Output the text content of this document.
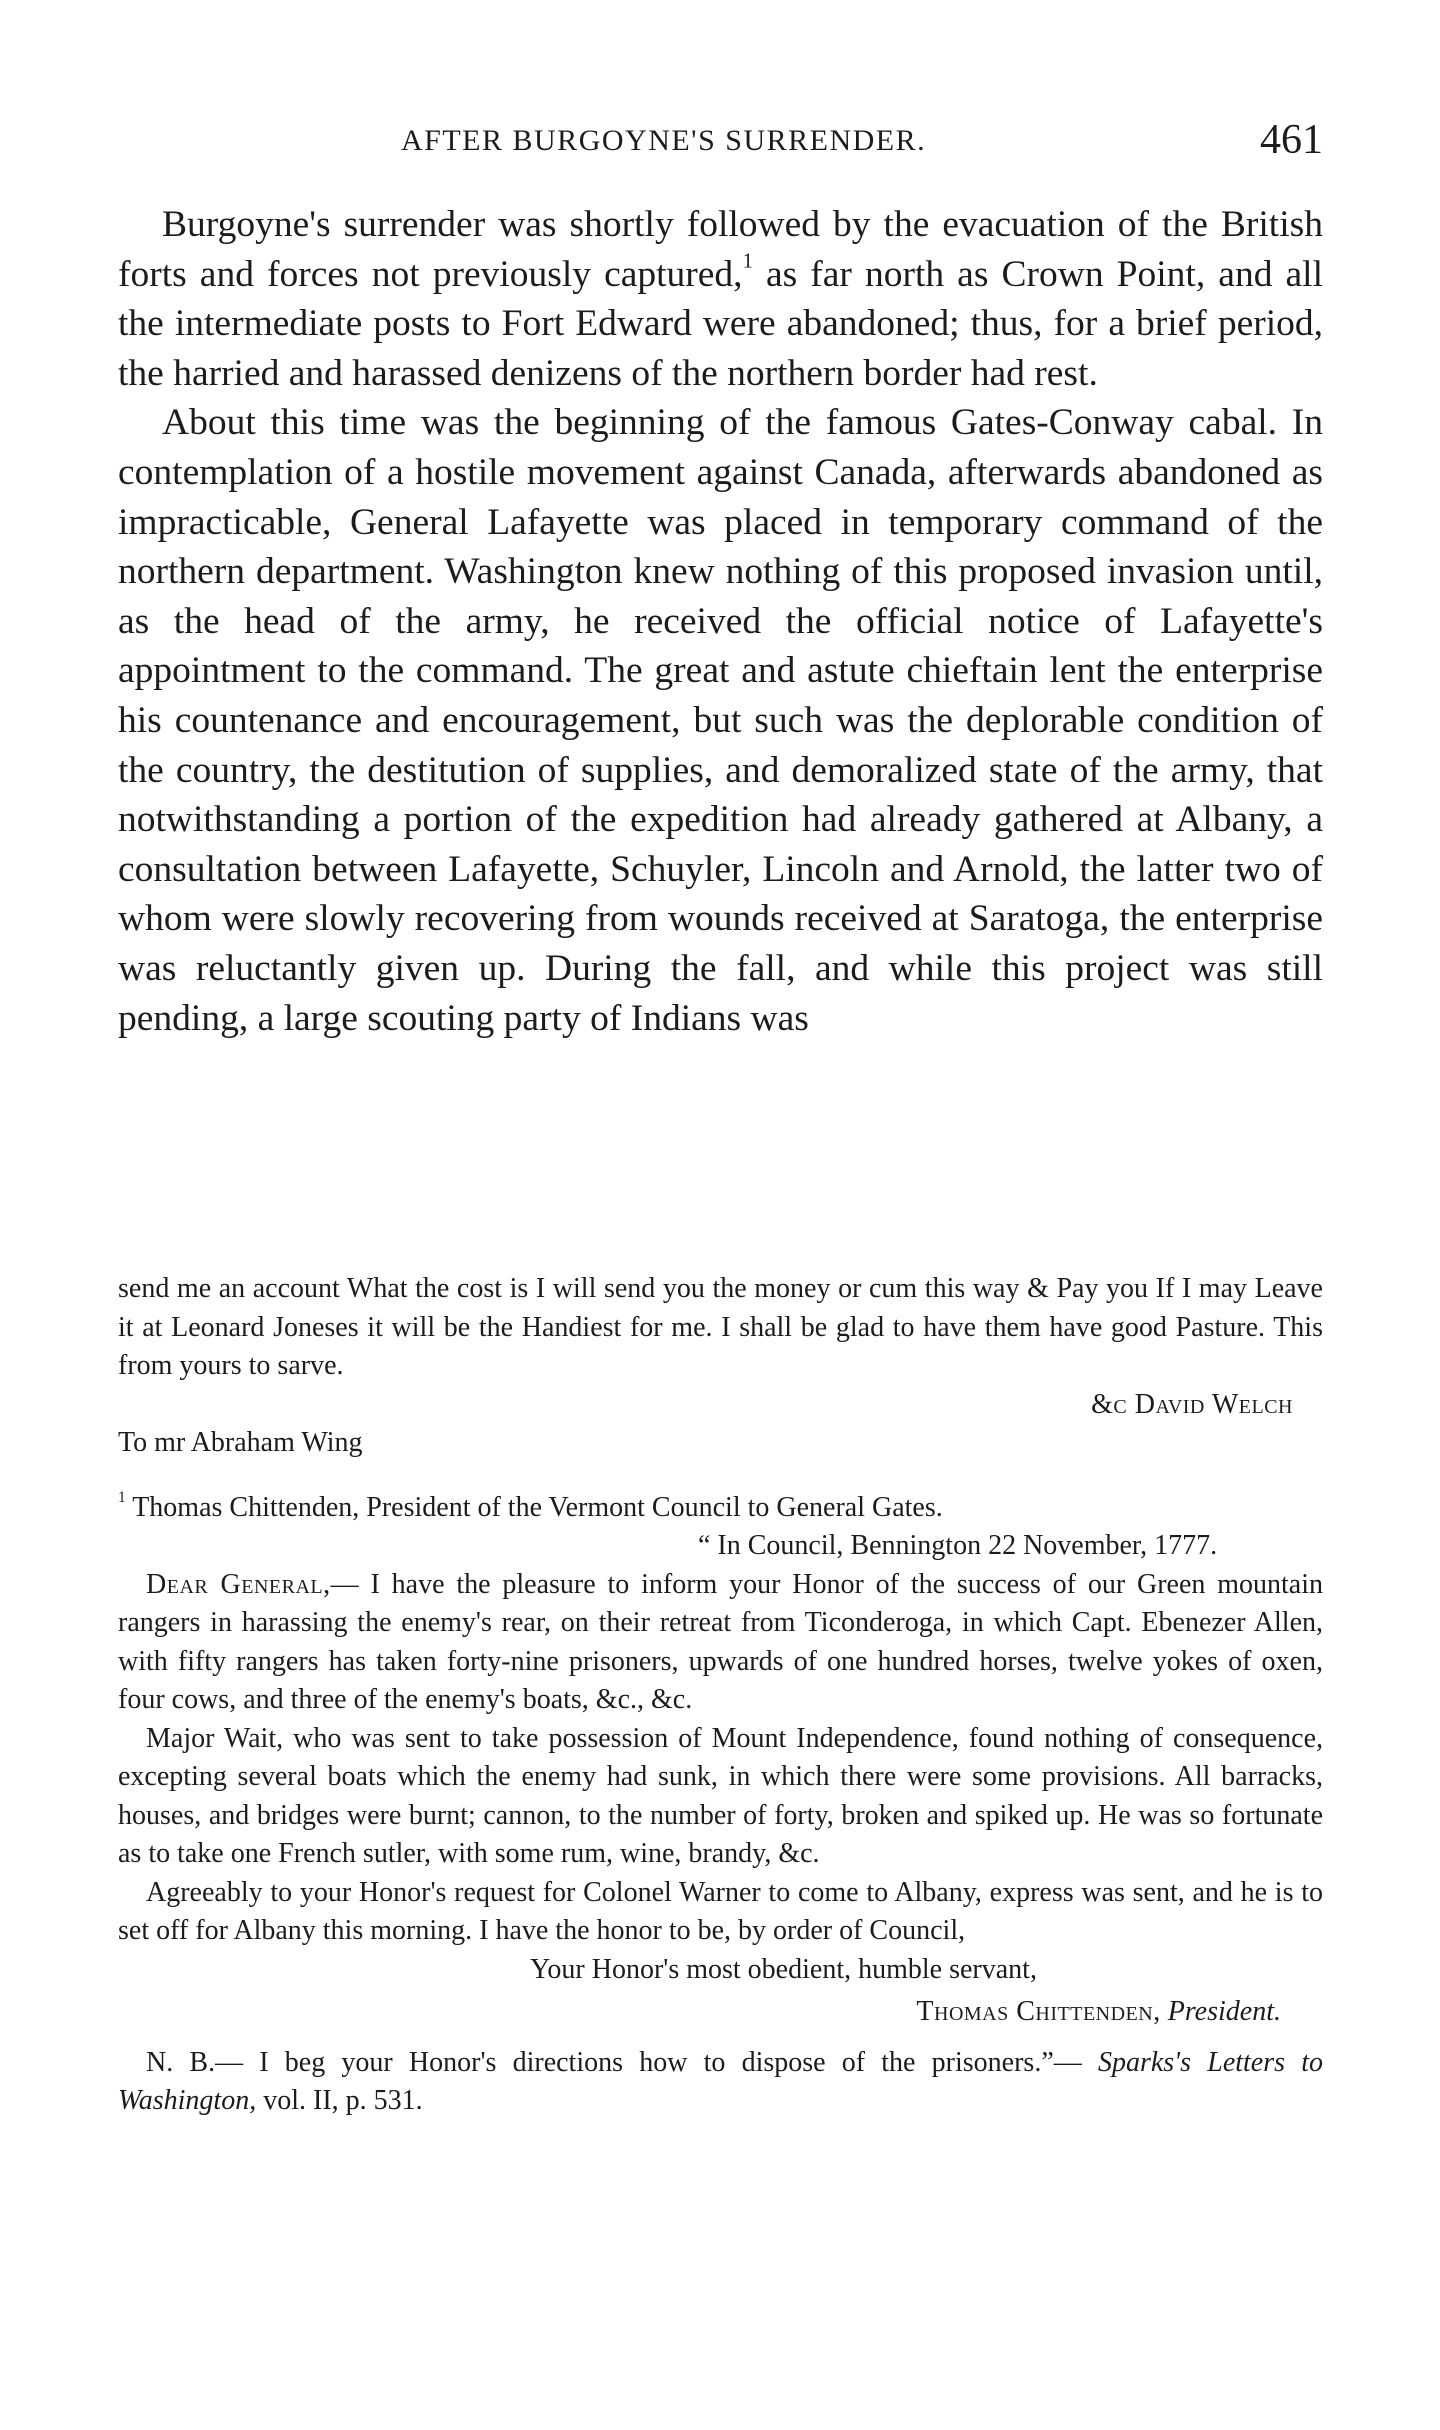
AFTER BURGOYNE'S SURRENDER.	461

Burgoyne's surrender was shortly followed by the evacuation of the British forts and forces not previously captured,$^1$ as far north as Crown Point, and all the intermediate posts to Fort Edward were abandoned; thus, for a brief period, the harried and harassed denizens of the northern border had rest.

About this time was the beginning of the famous Gates-Conway cabal. In contemplation of a hostile movement against Canada, afterwards abandoned as impracticable, General Lafayette was placed in temporary command of the northern department. Washington knew nothing of this proposed invasion until, as the head of the army, he received the official notice of Lafayette's appointment to the command. The great and astute chieftain lent the enterprise his countenance and encouragement, but such was the deplorable condition of the country, the destitution of supplies, and demoralized state of the army, that notwithstanding a portion of the expedition had already gathered at Albany, a consultation between Lafayette, Schuyler, Lincoln and Arnold, the latter two of whom were slowly recovering from wounds received at Saratoga, the enterprise was reluctantly given up. During the fall, and while this project was still pending, a large scouting party of Indians was

send me an account What the cost is I will send you the money or cum this way & Pay you If I may Leave it at Leonard Joneses it will be the Handiest for me. I shall be glad to have them have good Pasture. This from yours to sarve.

&c David Welch

To mr Abraham Wing

$^1$ Thomas Chittenden, President of the Vermont Council to General Gates.

“ In Council, Bennington 22 November, 1777.

Dear General,— I have the pleasure to inform your Honor of the success of our Green mountain rangers in harassing the enemy's rear, on their retreat from Ticonderoga, in which Capt. Ebenezer Allen, with fifty rangers has taken forty-nine prisoners, upwards of one hundred horses, twelve yokes of oxen, four cows, and three of the enemy's boats, &c., &c.

Major Wait, who was sent to take possession of Mount Independence, found nothing of consequence, excepting several boats which the enemy had sunk, in which there were some provisions. All barracks, houses, and bridges were burnt; cannon, to the number of forty, broken and spiked up. He was so fortunate as to take one French sutler, with some rum, wine, brandy, &c.

Agreeably to your Honor's request for Colonel Warner to come to Albany, express was sent, and he is to set off for Albany this morning. I have the honor to be, by order of Council,

Your Honor's most obedient, humble servant,

Thomas Chittenden, President.

N. B.— I beg your Honor's directions how to dispose of the prisoners.”— Sparks's Letters to Washington, vol. II, p. 531.
